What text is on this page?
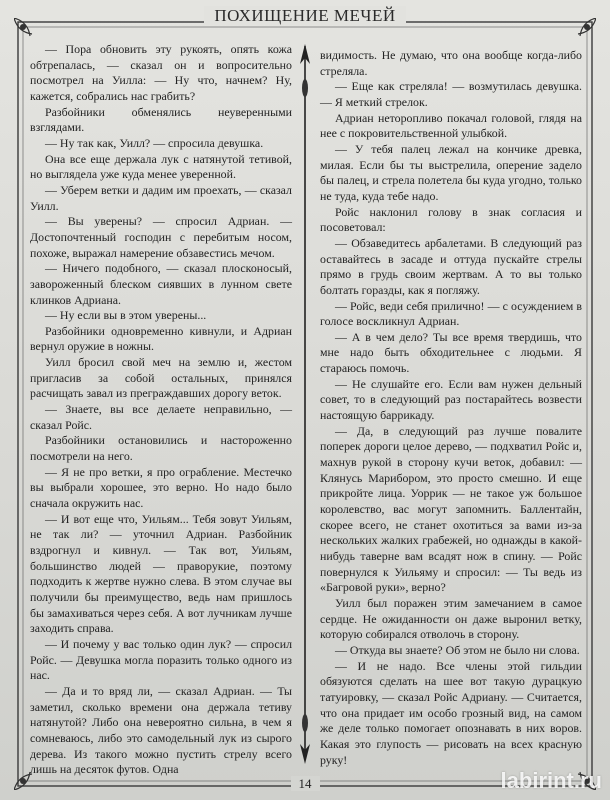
ПОХИЩЕНИЕ МЕЧЕЙ

— Пора обновить эту рукоять, опять кожа обтрепалась, — сказал он и вопросительно посмотрел на Уилла: — Ну что, начнем? Ну, кажется, собрались нас грабить?

Разбойники обменялись неуверенными взглядами.

— Ну так как, Уилл? — спросила девушка.

Она все еще держала лук с натянутой тетивой, но выглядела уже куда менее уверенной.

— Уберем ветки и дадим им проехать, — сказал Уилл.

— Вы уверены? — спросил Адриан. — Достопочтенный господин с перебитым носом, похоже, выражал намерение обзавестись мечом.

— Ничего подобного, — сказал плосконосый, завороженный блеском сиявших в лунном свете клинков Адриана.

— Ну если вы в этом уверены...

Разбойники одновременно кивнули, и Адриан вернул оружие в ножны.

Уилл бросил свой меч на землю и, жестом пригласив за собой остальных, принялся расчищать завал из преграждавших дорогу веток.

— Знаете, вы все делаете неправильно, — сказал Ройс.

Разбойники остановились и настороженно посмотрели на него.

— Я не про ветки, я про ограбление. Местечко вы выбрали хорошее, это верно. Но надо было сначала окружить нас.

— И вот еще что, Уильям... Тебя зовут Уильям, не так ли? — уточнил Адриан. Разбойник вздрогнул и кивнул. — Так вот, Уильям, большинство людей — праворукие, поэтому подходить к жертве нужно слева. В этом случае вы получили бы преимущество, ведь нам пришлось бы замахиваться через себя. А вот лучникам лучше заходить справа.

— И почему у вас только один лук? — спросил Ройс. — Девушка могла поразить только одного из нас.

— Да и то вряд ли, — сказал Адриан. — Ты заметил, сколько времени она держала тетиву натянутой? Либо она невероятно сильна, в чем я сомневаюсь, либо это самодельный лук из сырого дерева. Из такого можно пустить стрелу всего лишь на десяток футов. Одна

видимость. Не думаю, что она вообще когда-либо стреляла.

— Еще как стреляла! — возмутилась девушка. — Я меткий стрелок.

Адриан неторопливо покачал головой, глядя на нее с покровительственной улыбкой.

— У тебя палец лежал на кончике древка, милая. Если бы ты выстрелила, оперение задело бы палец, и стрела полетела бы куда угодно, только не туда, куда тебе надо.

Ройс наклонил голову в знак согласия и посоветовал:

— Обзаведитесь арбалетами. В следующий раз оставайтесь в засаде и оттуда пускайте стрелы прямо в грудь своим жертвам. А то вы только болтать горазды, как я погляжу.

— Ройс, веди себя прилично! — с осуждением в голосе воскликнул Адриан.

— А в чем дело? Ты все время твердишь, что мне надо быть обходительнее с людьми. Я стараюсь помочь.

— Не слушайте его. Если вам нужен дельный совет, то в следующий раз постарайтесь возвести настоящую баррикаду.

— Да, в следующий раз лучше повалите поперек дороги целое дерево, — подхватил Ройс и, махнув рукой в сторону кучи веток, добавил: — Клянусь Марибором, это просто смешно. И еще прикройте лица. Уоррик — не такое уж большое королевство, вас могут запомнить. Баллентайн, скорее всего, не станет охотиться за вами из-за нескольких жалких грабежей, но однажды в какой-нибудь таверне вам всадят нож в спину. — Ройс повернулся к Уильяму и спросил: — Ты ведь из «Багровой руки», верно?

Уилл был поражен этим замечанием в самое сердце. Не ожиданности он даже выронил ветку, которую собирался отволочь в сторону.

— Откуда вы знаете? Об этом не было ни слова.

— И не надо. Все члены этой гильдии обязуются сделать на шее вот такую дурацкую татуировку, — сказал Ройс Адриану. — Считается, что она придает им особо грозный вид, на самом же деле только помогает опознавать в них воров. Какая это глупость — рисовать на всех красную руку!

14	labirint.ru
